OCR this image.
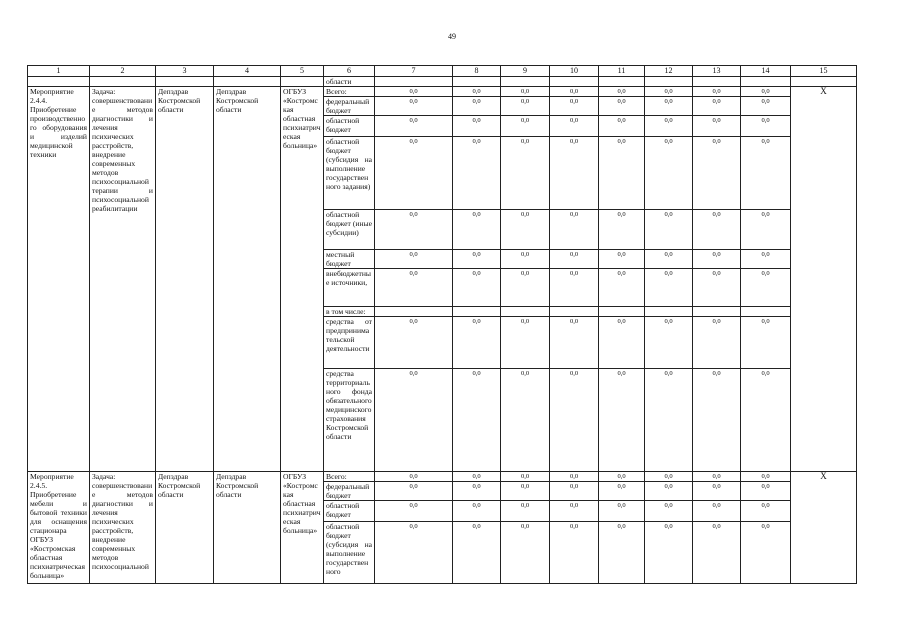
49
1	2	3	4	5	6	7	8	9	10	11	12	13	14	15
					области									
Мероприятие 2.4.4. Приобретение производственного оборудования и изделий медицинской техники	Задача: совершенствование методов диагностики и лечения психических расстройств, внедрение современных методов психосоциальной терапии и психосоциальной реабилитации	Депздрав Костромской области	Депздрав Костромской области	ОГБУЗ «Костромская областная психиатрическая больница»	Всего:	0,0	0,0	0,0	0,0	0,0	0,0	0,0	0,0	X
					федеральный бюджет	0,0	0,0	0,0	0,0	0,0	0,0	0,0	0,0	
					областной бюджет	0,0	0,0	0,0	0,0	0,0	0,0	0,0	0,0	
					областной бюджет (субсидия на выполнение государственного задания)	0,0	0,0	0,0	0,0	0,0	0,0	0,0	0,0	
					областной бюджет (иные субсидии)	0,0	0,0	0,0	0,0	0,0	0,0	0,0	0,0	
					местный бюджет	0,0	0,0	0,0	0,0	0,0	0,0	0,0	0,0	
					внебюджетные источники,	0,0	0,0	0,0	0,0	0,0	0,0	0,0	0,0	
					в том числе:									
					средства от предпринимательской деятельности	0,0	0,0	0,0	0,0	0,0	0,0	0,0	0,0	
					средства территориального фонда обязательного медицинского страхования Костромской области	0,0	0,0	0,0	0,0	0,0	0,0	0,0	0,0	
Мероприятие 2.4.5. Приобретение мебели и бытовой техники для оснащения стационара ОГБУЗ «Костромская областная психиатрическая больница»	Задача: совершенствование методов диагностики и лечения психических расстройств, внедрение современных методов психосоциальной	Депздрав Костромской области	Депздрав Костромской области	ОГБУЗ «Костромская областная психиатрическая больница»	Всего:	0,0	0,0	0,0	0,0	0,0	0,0	0,0	0,0	X
					федеральный бюджет	0,0	0,0	0,0	0,0	0,0	0,0	0,0	0,0	
					областной бюджет	0,0	0,0	0,0	0,0	0,0	0,0	0,0	0,0	
					областной бюджет (субсидия на выполнение государственного	0,0	0,0	0,0	0,0	0,0	0,0	0,0	0,0	
